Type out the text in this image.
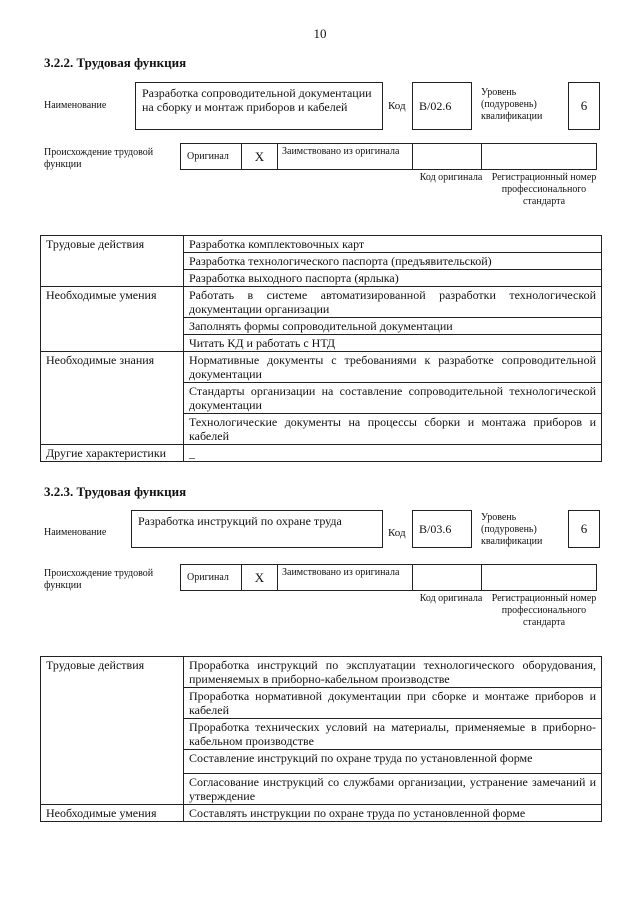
10
3.2.2. Трудовая функция
Наименование
Разработка сопроводительной документации на сборку и монтаж приборов и кабелей	Код	В/02.6
Уровень (подуровень) квалификации
6
Происхождение трудовой функции
Оригинал	X	Заимствовано из оригинала
Код оригинала Регистрационный номер профессионального стандарта
Трудовые действия	Разработка комплектовочных карт
	Разработка технологического паспорта (предъявительской)
	Разработка выходного паспорта (ярлыка)
Необходимые умения	Работать в системе автоматизированной разработки технологической документации организации
	Заполнять формы сопроводительной документации
	Читать КД и работать с НТД
Необходимые знания	Нормативные документы с требованиями к разработке сопроводительной документации
	Стандарты организации на составление сопроводительной технологической документации
	Технологические документы на процессы сборки и монтажа приборов и кабелей
Другие характеристики	_
3.2.3. Трудовая функция
Наименование
Разработка инструкций по охране труда
Код	В/03.6
Уровень (подуровень) квалификации
6
Происхождение трудовой функции
Оригинал	X	Заимствовано из оригинала
Код оригинала Регистрационный номер профессионального стандарта
Трудовые действия	Проработка инструкций по эксплуатации технологического оборудования, применяемых в приборно-кабельном производстве
	Проработка нормативной документации при сборке и монтаже приборов и кабелей
	Проработка технических условий на материалы, применяемые в приборно-кабельном производстве
	Составление инструкций по охране труда по установленной форме
	Согласование инструкций со службами организации, устранение замечаний и утверждение
Необходимые умения	Составлять инструкции по охране труда по установленной форме
